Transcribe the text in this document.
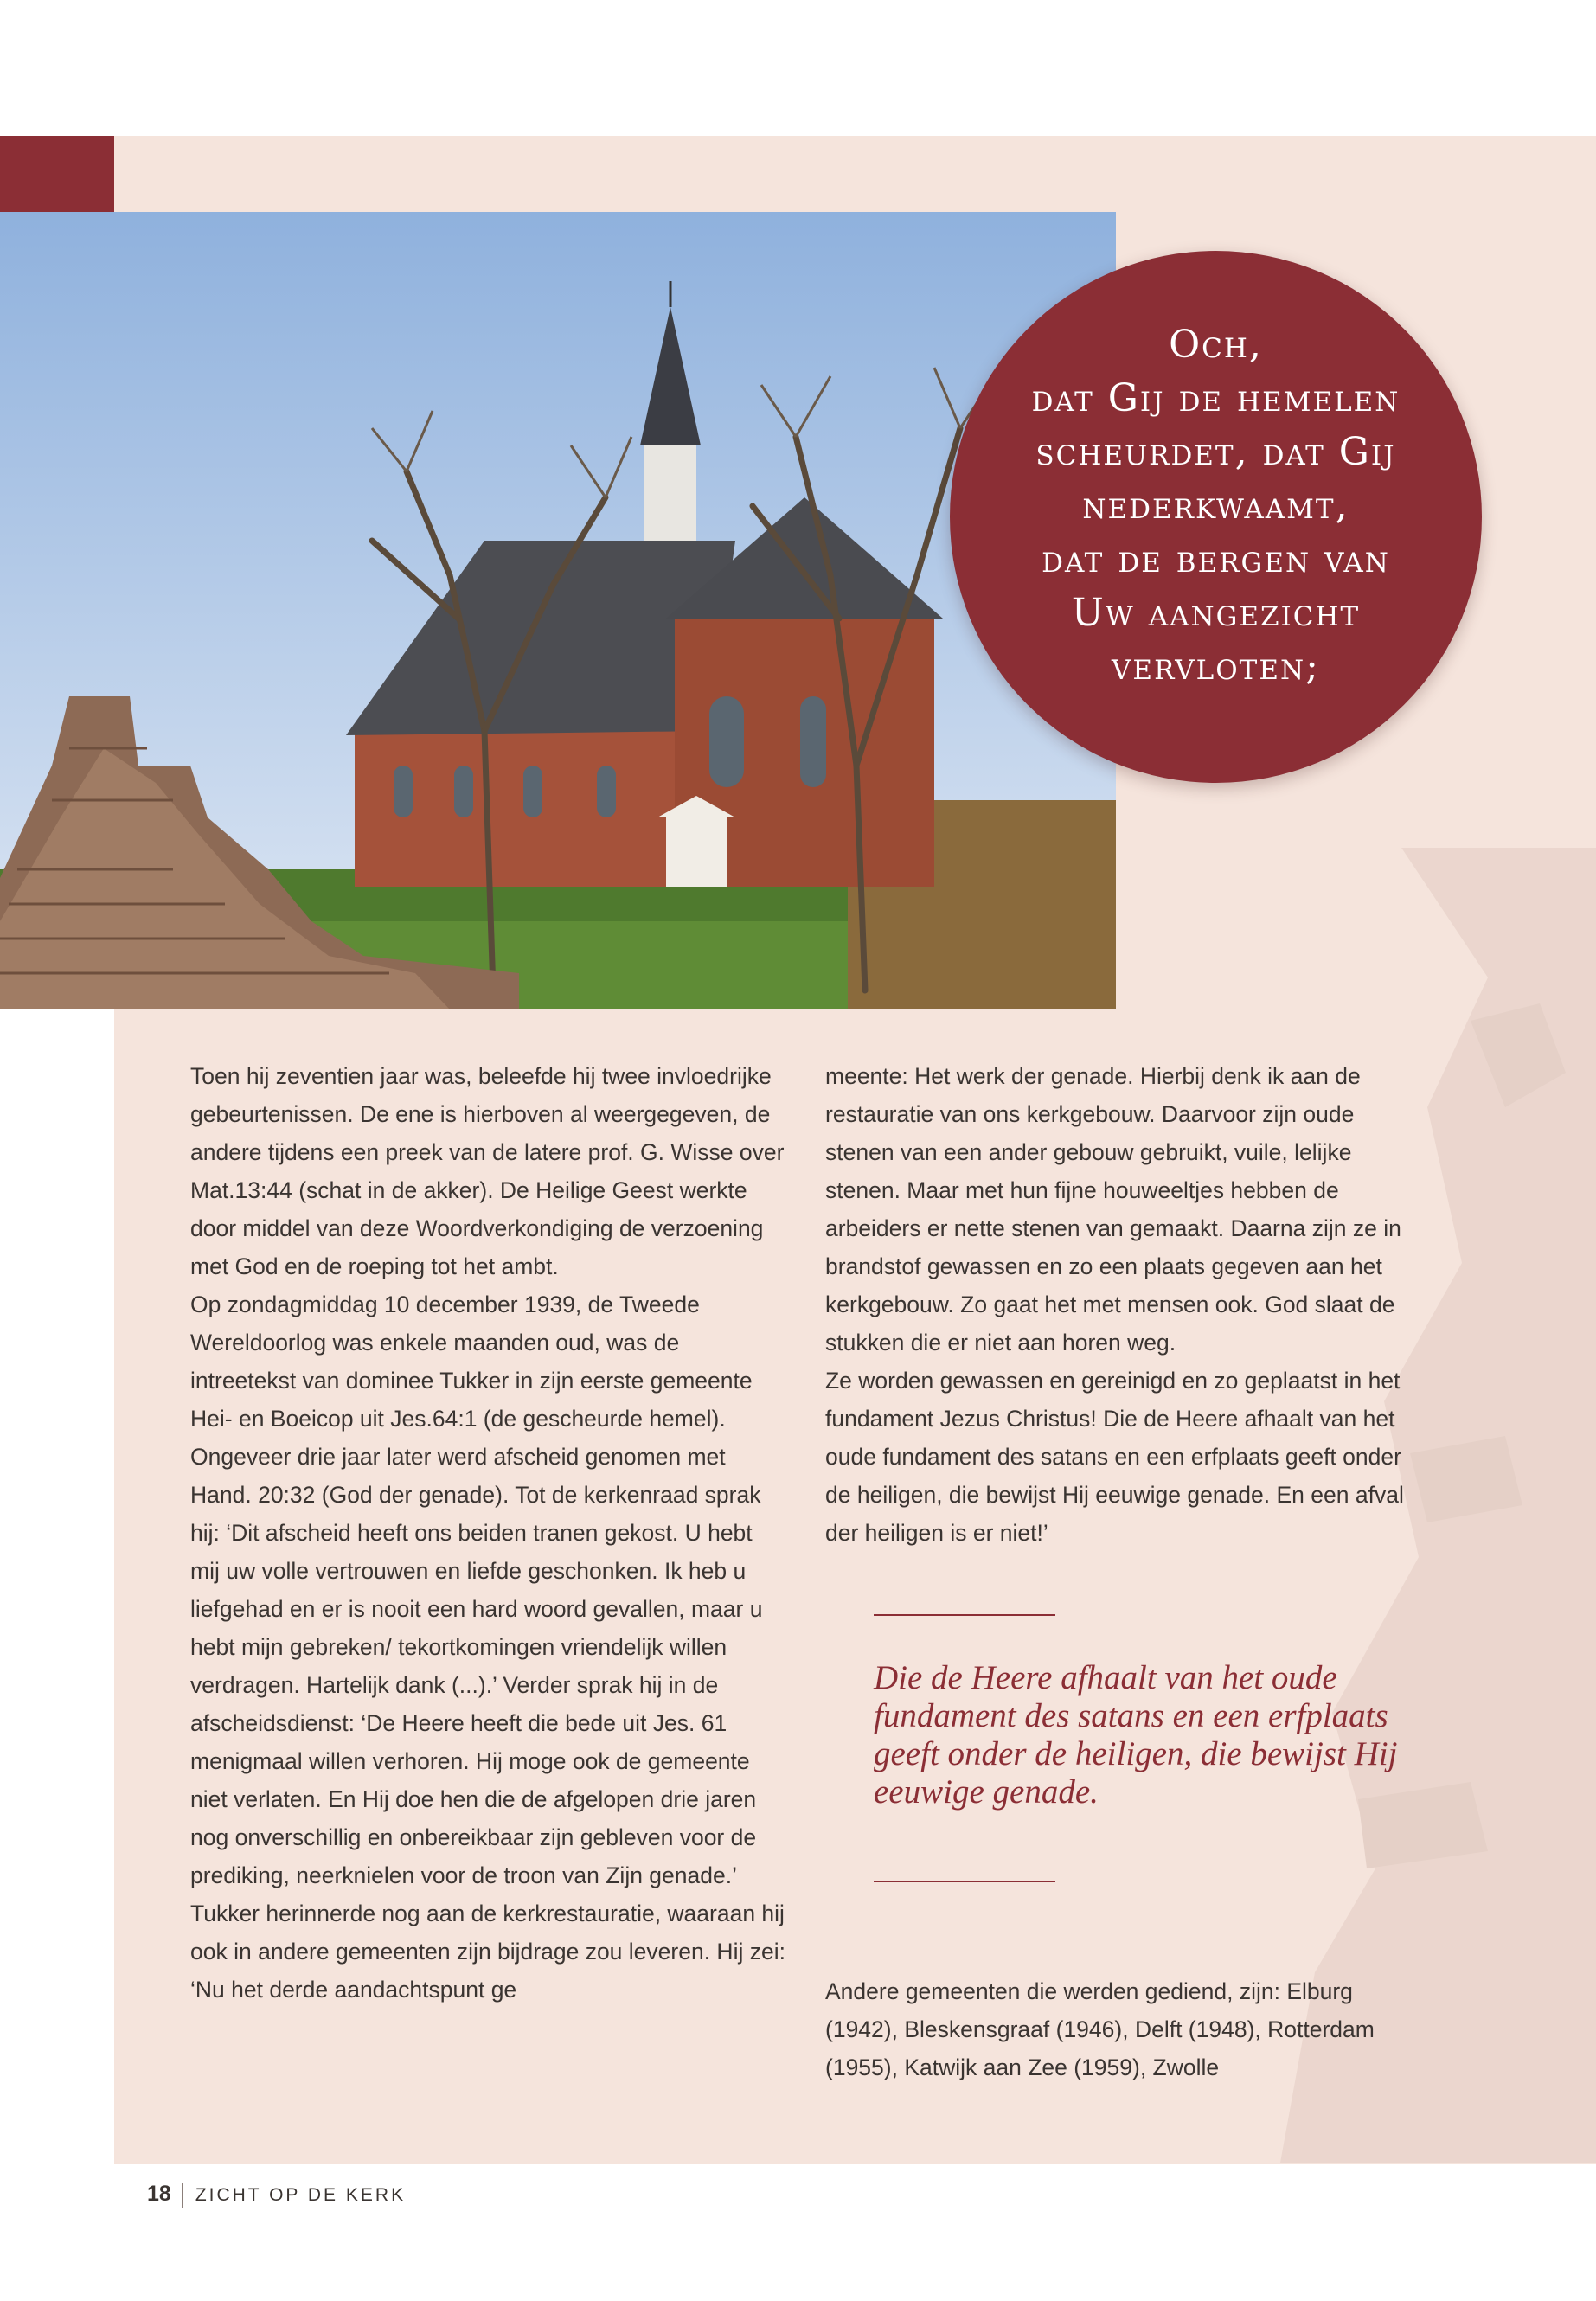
Och,
dat Gij de hemelen
scheurdet, dat Gij
nederkwaamt,
dat de bergen van
Uw aangezicht
vervloten;

Toen hij zeventien jaar was, beleefde hij twee invloedrijke gebeurtenissen. De ene is hierboven al weergegeven, de andere tijdens een preek van de latere prof. G. Wisse over Mat.13:44 (schat in de akker). De Heilige Geest werkte door middel van deze Woordverkondiging de verzoening met God en de roeping tot het ambt.

Op zondagmiddag 10 december 1939, de Tweede Wereldoorlog was enkele maanden oud, was de intreetekst van dominee Tukker in zijn eerste gemeente Hei- en Boeicop uit Jes.64:1 (de gescheurde hemel). Ongeveer drie jaar later werd afscheid genomen met Hand. 20:32 (God der genade). Tot de kerkenraad sprak hij: ‘Dit afscheid heeft ons beiden tranen gekost. U hebt mij uw volle vertrouwen en liefde geschonken. Ik heb u liefgehad en er is nooit een hard woord gevallen, maar u hebt mijn gebreken/ tekortkomingen vriendelijk willen verdragen. Hartelijk dank (...).’ Verder sprak hij in de afscheidsdienst: ‘De Heere heeft die bede uit Jes. 61 menigmaal willen verhoren. Hij moge ook de gemeente niet verlaten. En Hij doe hen die de afgelopen drie jaren nog onverschillig en onbereikbaar zijn gebleven voor de prediking, neerknielen voor de troon van Zijn genade.’ Tukker herinnerde nog aan de kerkrestauratie, waaraan hij ook in andere gemeenten zijn bijdrage zou leveren. Hij zei: ‘Nu het derde aandachtspunt ge

meente: Het werk der genade. Hierbij denk ik aan de restauratie van ons kerkgebouw. Daarvoor zijn oude stenen van een ander gebouw gebruikt, vuile, lelijke stenen. Maar met hun fijne houweeltjes hebben de arbeiders er nette stenen van gemaakt. Daarna zijn ze in brandstof gewassen en zo een plaats gegeven aan het kerkgebouw. Zo gaat het met mensen ook. God slaat de stukken die er niet aan horen weg.

Ze worden gewassen en gereinigd en zo geplaatst in het fundament Jezus Christus! Die de Heere afhaalt van het oude fundament des satans en een erfplaats geeft onder de heiligen, die bewijst Hij eeuwige genade. En een afval der heiligen is er niet!’

Die de Heere afhaalt van het oude fundament des satans en een erfplaats geeft onder de heiligen, die bewijst Hij eeuwige genade.
Andere gemeenten die werden gediend, zijn: Elburg (1942), Bleskensgraaf (1946), Delft (1948), Rotterdam (1955), Katwijk aan Zee (1959), Zwolle
18 ZICHT OP DE KERK
